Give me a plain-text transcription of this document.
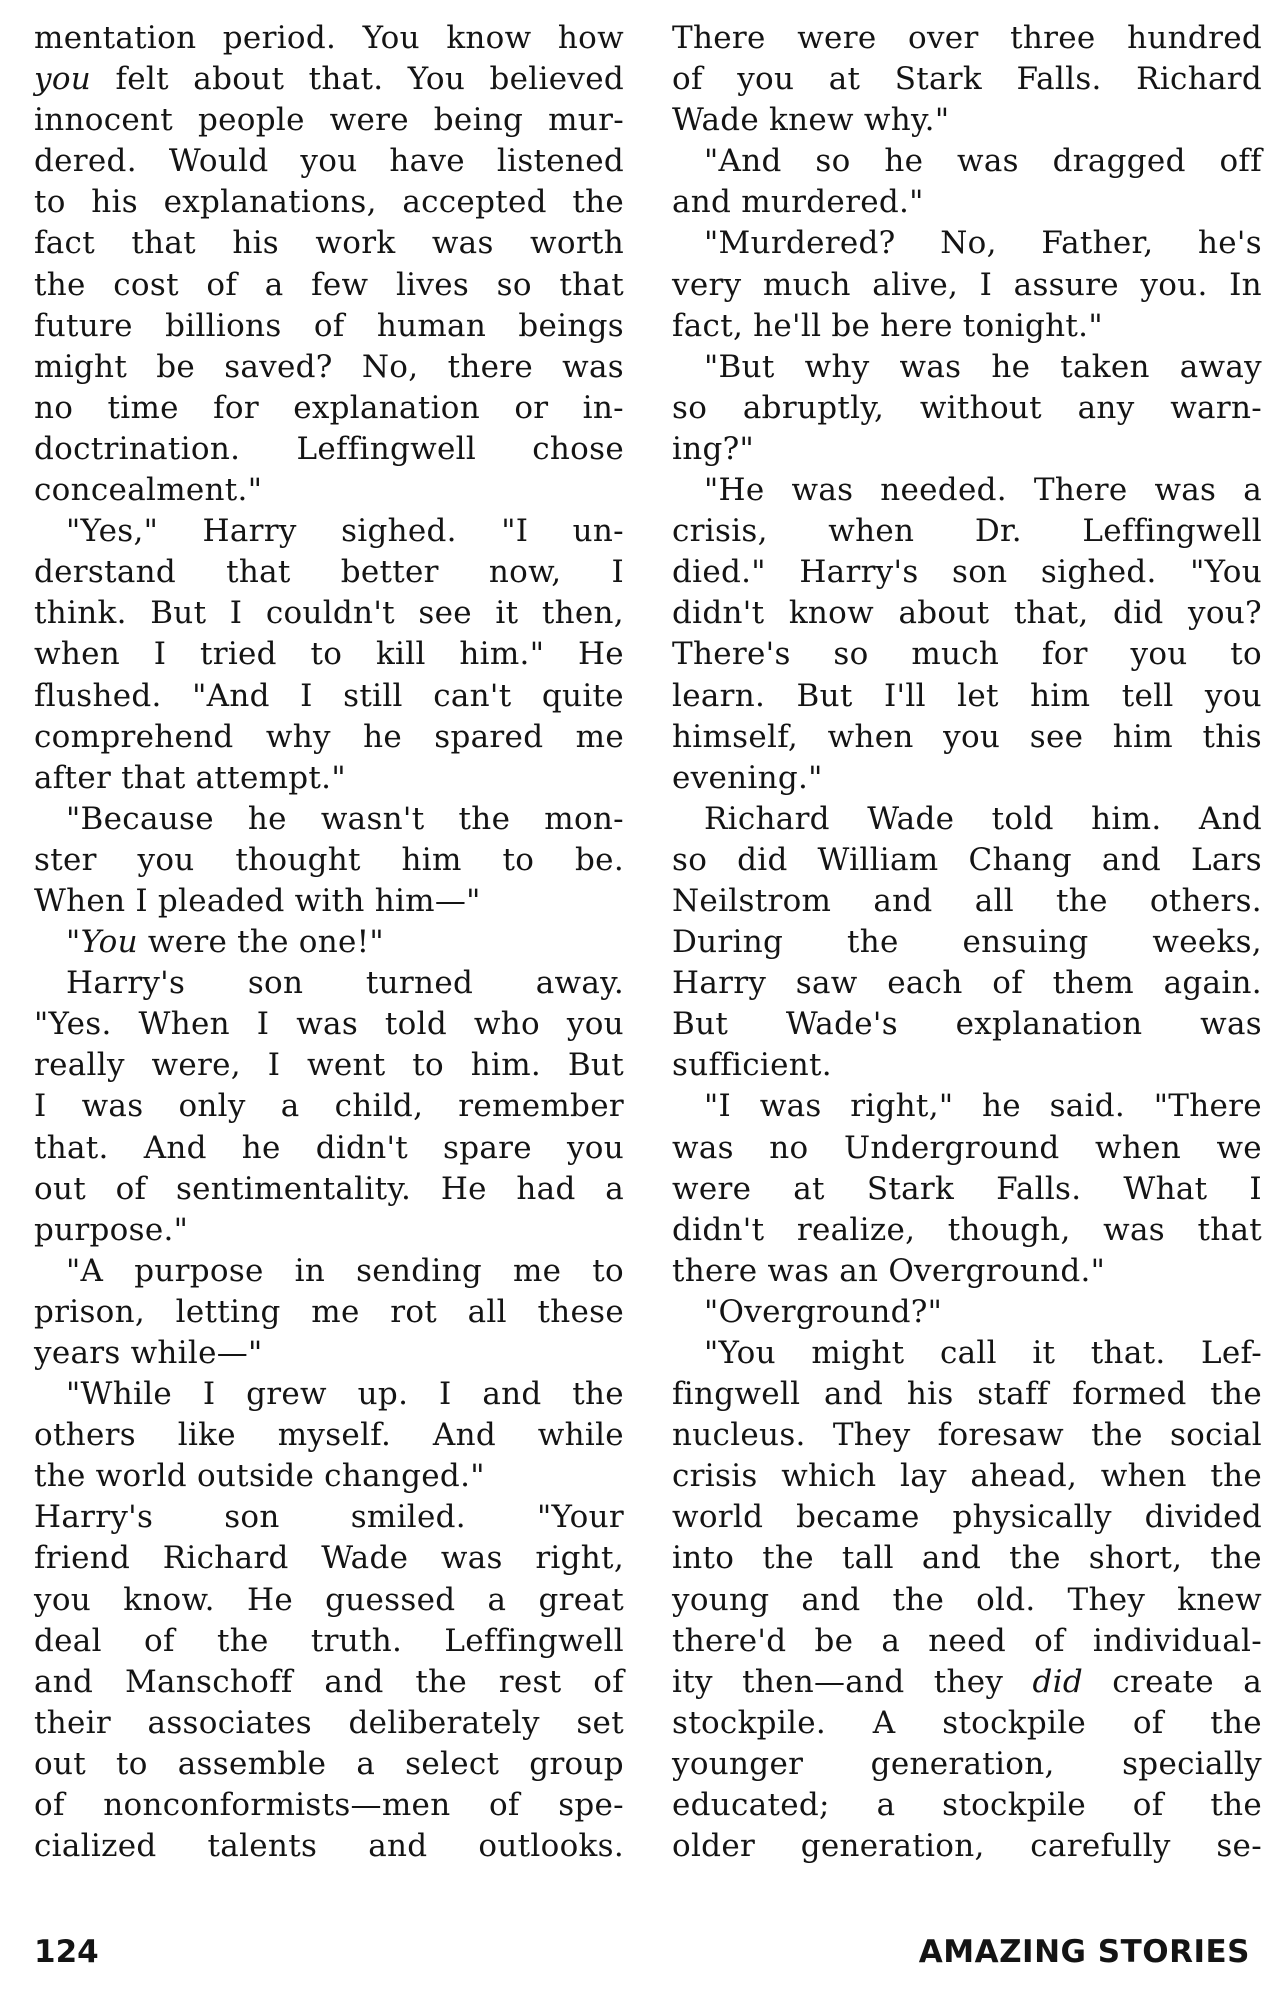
mentation period. You know how
you felt about that. You believed
innocent people were being mur-
dered. Would you have listened
to his explanations, accepted the
fact that his work was worth
the cost of a few lives so that
future billions of human beings
might be saved? No, there was
no time for explanation or in-
doctrination. Leffingwell chose
concealment."
"Yes," Harry sighed. "I un-
derstand that better now, I
think. But I couldn't see it then,
when I tried to kill him." He
flushed. "And I still can't quite
comprehend why he spared me
after that attempt."
"Because he wasn't the mon-
ster you thought him to be.
When I pleaded with him—"
"You were the one!"
Harry's son turned away.
"Yes. When I was told who you
really were, I went to him. But
I was only a child, remember
that. And he didn't spare you
out of sentimentality. He had a
purpose."
"A purpose in sending me to
prison, letting me rot all these
years while—"
"While I grew up. I and the
others like myself. And while
the world outside changed."
Harry's son smiled. "Your
friend Richard Wade was right,
you know. He guessed a great
deal of the truth. Leffingwell
and Manschoff and the rest of
their associates deliberately set
out to assemble a select group
of nonconformists—men of spe-
cialized talents and outlooks.
There were over three hundred
of you at Stark Falls. Richard
Wade knew why."
"And so he was dragged off
and murdered."
"Murdered? No, Father, he's
very much alive, I assure you. In
fact, he'll be here tonight."
"But why was he taken away
so abruptly, without any warn-
ing?"
"He was needed. There was a
crisis, when Dr. Leffingwell
died." Harry's son sighed. "You
didn't know about that, did you?
There's so much for you to
learn. But I'll let him tell you
himself, when you see him this
evening."
Richard Wade told him. And
so did William Chang and Lars
Neilstrom and all the others.
During the ensuing weeks,
Harry saw each of them again.
But Wade's explanation was
sufficient.
"I was right," he said. "There
was no Underground when we
were at Stark Falls. What I
didn't realize, though, was that
there was an Overground."
"Overground?"
"You might call it that. Lef-
fingwell and his staff formed the
nucleus. They foresaw the social
crisis which lay ahead, when the
world became physically divided
into the tall and the short, the
young and the old. They knew
there'd be a need of individual-
ity then—and they did create a
stockpile. A stockpile of the
younger generation, specially
educated; a stockpile of the
older generation, carefully se-
124	AMAZING STORIES
